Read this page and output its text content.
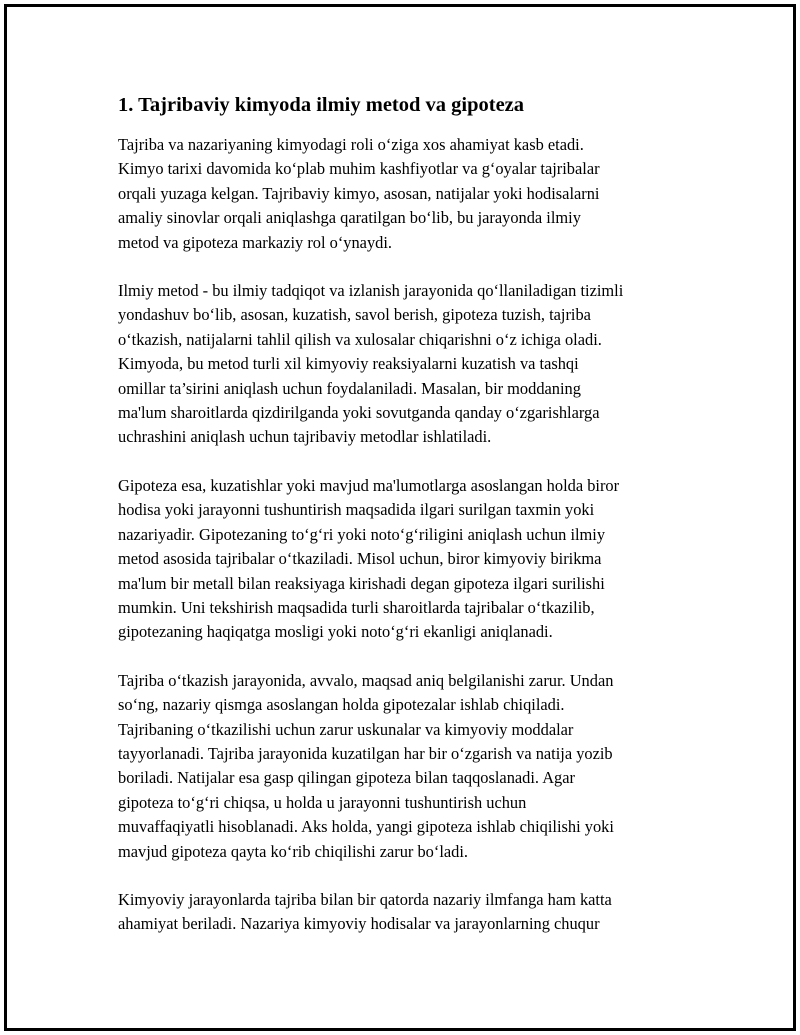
1. Tajribaviy kimyoda ilmiy metod va gipoteza

Tajriba va nazariyaning kimyodagi roli o‘ziga xos ahamiyat kasb etadi.
Kimyo tarixi davomida ko‘plab muhim kashfiyotlar va g‘oyalar tajribalar
orqali yuzaga kelgan. Tajribaviy kimyo, asosan, natijalar yoki hodisalarni
amaliy sinovlar orqali aniqlashga qaratilgan bo‘lib, bu jarayonda ilmiy
metod va gipoteza markaziy rol o‘ynaydi.

Ilmiy metod - bu ilmiy tadqiqot va izlanish jarayonida qo‘llaniladigan tizimli
yondashuv bo‘lib, asosan, kuzatish, savol berish, gipoteza tuzish, tajriba
o‘tkazish, natijalarni tahlil qilish va xulosalar chiqarishni o‘z ichiga oladi.
Kimyoda, bu metod turli xil kimyoviy reaksiyalarni kuzatish va tashqi
omillar ta’sirini aniqlash uchun foydalaniladi. Masalan, bir moddaning
ma'lum sharoitlarda qizdirilganda yoki sovutganda qanday o‘zgarishlarga
uchrashini aniqlash uchun tajribaviy metodlar ishlatiladi.

Gipoteza esa, kuzatishlar yoki mavjud ma'lumotlarga asoslangan holda biror
hodisa yoki jarayonni tushuntirish maqsadida ilgari surilgan taxmin yoki
nazariyadir. Gipotezaning to‘g‘ri yoki noto‘g‘riligini aniqlash uchun ilmiy
metod asosida tajribalar o‘tkaziladi. Misol uchun, biror kimyoviy birikma
ma'lum bir metall bilan reaksiyaga kirishadi degan gipoteza ilgari surilishi
mumkin. Uni tekshirish maqsadida turli sharoitlarda tajribalar o‘tkazilib,
gipotezaning haqiqatga mosligi yoki noto‘g‘ri ekanligi aniqlanadi.

Tajriba o‘tkazish jarayonida, avvalo, maqsad aniq belgilanishi zarur. Undan
so‘ng, nazariy qismga asoslangan holda gipotezalar ishlab chiqiladi.
Tajribaning o‘tkazilishi uchun zarur uskunalar va kimyoviy moddalar
tayyorlanadi. Tajriba jarayonida kuzatilgan har bir o‘zgarish va natija yozib
boriladi. Natijalar esa gasp qilingan gipoteza bilan taqqoslanadi. Agar
gipoteza to‘g‘ri chiqsa, u holda u jarayonni tushuntirish uchun
muvaffaqiyatli hisoblanadi. Aks holda, yangi gipoteza ishlab chiqilishi yoki
mavjud gipoteza qayta ko‘rib chiqilishi zarur bo‘ladi.

Kimyoviy jarayonlarda tajriba bilan bir qatorda nazariy ilmfanga ham katta
ahamiyat beriladi. Nazariya kimyoviy hodisalar va jarayonlarning chuqur
